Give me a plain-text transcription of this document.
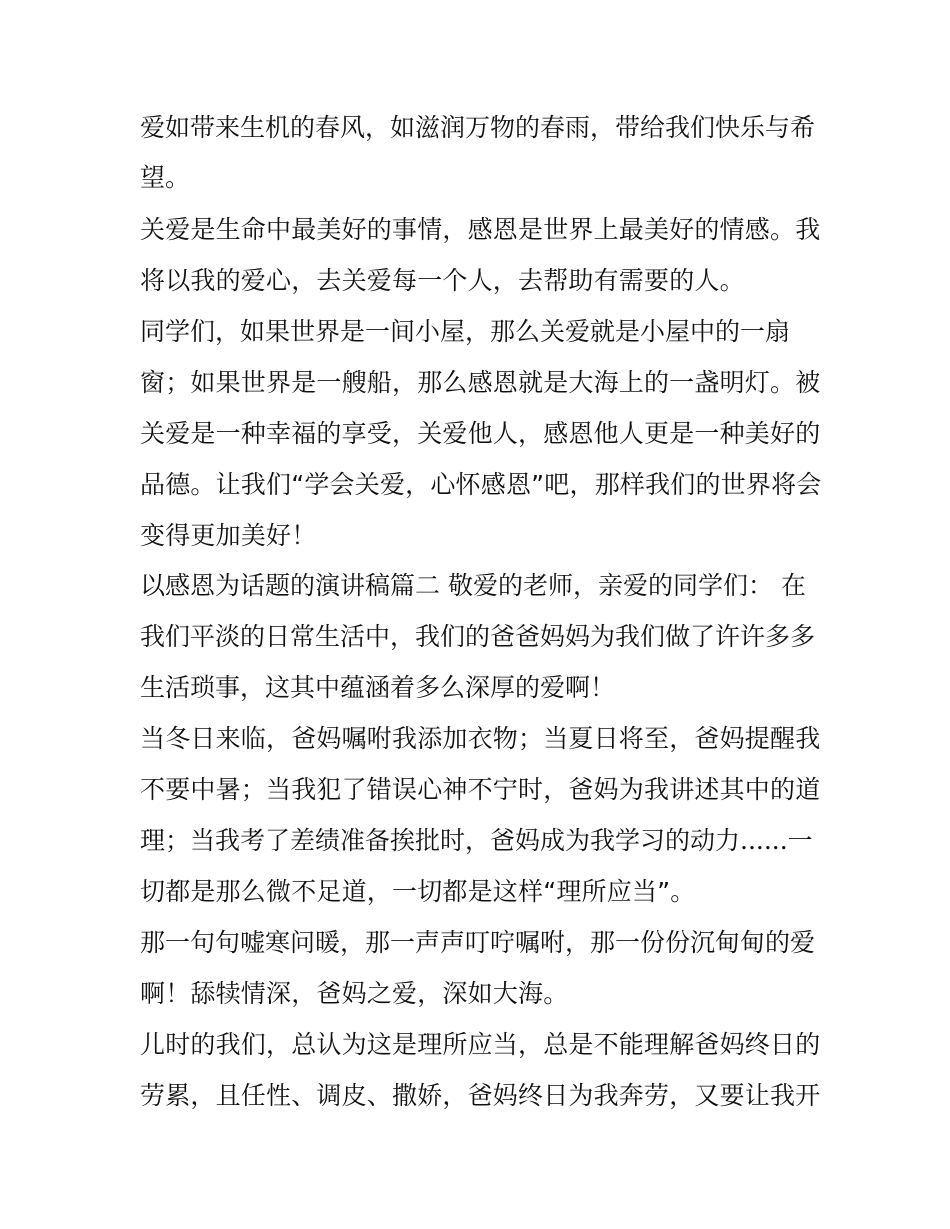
爱如带来生机的春风，如滋润万物的春雨，带给我们快乐与希
望。
关爱是生命中最美好的事情，感恩是世界上最美好的情感。我
将以我的爱心，去关爱每一个人，去帮助有需要的人。
同学们，如果世界是一间小屋，那么关爱就是小屋中的一扇
窗；如果世界是一艘船，那么感恩就是大海上的一盏明灯。被
关爱是一种幸福的享受，关爱他人，感恩他人更是一种美好的
品德。让我们“学会关爱，心怀感恩”吧，那样我们的世界将会
变得更加美好！
以感恩为话题的演讲稿篇二 敬爱的老师，亲爱的同学们： 在
我们平淡的日常生活中，我们的爸爸妈妈为我们做了许许多多
生活琐事，这其中蕴涵着多么深厚的爱啊！
当冬日来临，爸妈嘱咐我添加衣物；当夏日将至，爸妈提醒我
不要中暑；当我犯了错误心神不宁时，爸妈为我讲述其中的道
理；当我考了差绩准备挨批时，爸妈成为我学习的动力......一
切都是那么微不足道，一切都是这样“理所应当”。
那一句句嘘寒问暖，那一声声叮咛嘱咐，那一份份沉甸甸的爱
啊！舔犊情深，爸妈之爱，深如大海。
儿时的我们，总认为这是理所应当，总是不能理解爸妈终日的
劳累，且任性、调皮、撒娇，爸妈终日为我奔劳，又要让我开
